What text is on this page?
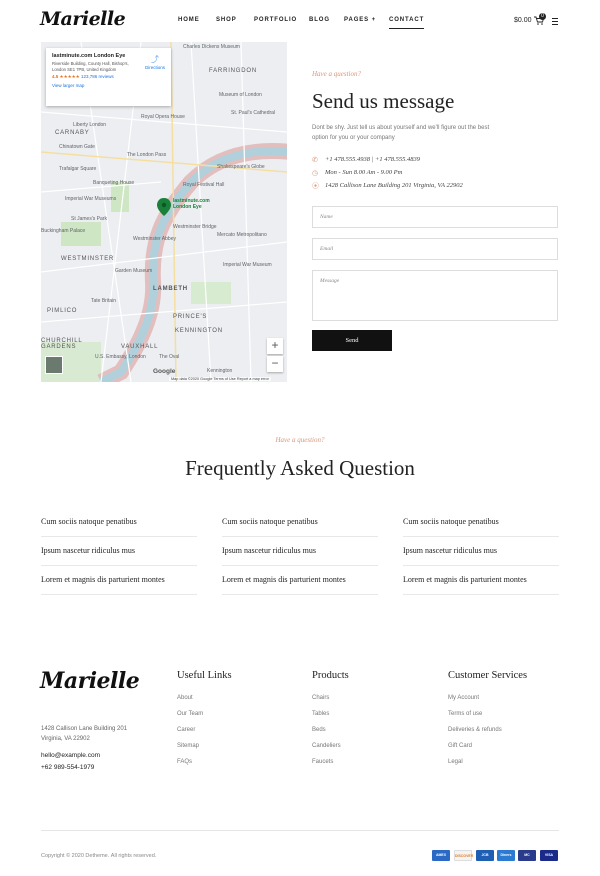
Marielle	HOME	SHOP	PORTFOLIO BLOG PAGES + CONTACT	$0.00
0
Charles Dickens Museum
FARRINGDON
Museum of London
CARNABY
Royal Opera House
St. Paul's Cathedral
Liberty London
Chinatown Gate
The London Pass
Trafalgar Square	Shakespeare's Globe
Banqueting House	Royal Festival Hall
Imperial War Museums	lastminute.com London Eye
St James's Park
Westminster Bridge
Buckingham Palace
Westminster Abbey
Mercato Metropolitano
WESTMINSTER
Garden Museum
Imperial War Museum
LAMBETH
Tate Britain
PIMLICO
PRINCE'S
KENNINGTON
CHURCHILL GARDENS
U.S. Embassy, London
VAUXHALL
The Oval
Kennington
lastminute.com London Eye
Riverside Building, County Hall, Bishop's, London SE1 7PB, United Kingdom
4.5 ★★★★★ 123,786 reviews
View larger map
⤴
Directions
+
−
Google
Map data ©2020 Google Terms of Use Report a map error
Have a question?
Send us message
Dont be shy. Just tell us about yourself and we'll figure out the best option for you or your company
✆	+1 478.555.4938 | +1 478.555.4839
◷	Mon - Sun 8.00 Am - 9.00 Pm
⦿ 1428 Callison Lane Building 201 Virginia, VA 22902
Name
Email
Message
Send
Have a question?
Frequently Asked Question
Cum sociis natoque penatibus
Ipsum nascetur ridiculus mus
Lorem et magnis dis parturient montes
Cum sociis natoque penatibus
Ipsum nascetur ridiculus mus
Lorem et magnis dis parturient montes
Cum sociis natoque penatibus
Ipsum nascetur ridiculus mus
Lorem et magnis dis parturient montes
Marielle
1428 Callison Lane Building 201 Virginia, VA 22902
hello@example.com
+62 989-554-1979
Useful Links
About
Our Team
Career
Sitemap
FAQs
Products
Chairs
Tables
Beds
Candeliers
Faucets
Customer Services
My Account
Terms of use
Deliveries & refunds
Gift Card
Legal
Copyright © 2020 Dethemе. All rights reserved.	AMEX	DISCOVER	JCB	Diners	MC	VISA
